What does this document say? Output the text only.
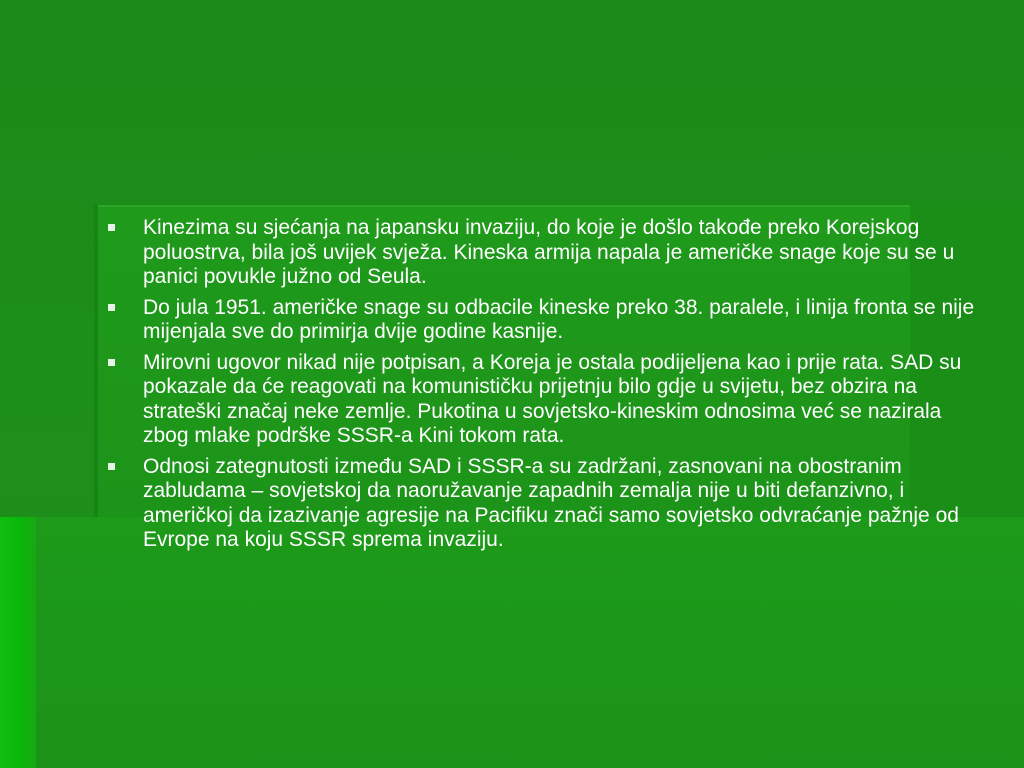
Kinezima su sjećanja na japansku invaziju, do koje je došlo takođe preko Korejskog poluostrva, bila još uvijek svježa. Kineska armija napala je američke snage koje su se u panici povukle južno od Seula.
Do jula 1951. američke snage su odbacile kineske preko 38. paralele, i linija fronta se nije mijenjala sve do primirja dvije godine kasnije.
Mirovni ugovor nikad nije potpisan, a Koreja je ostala podijeljena kao i prije rata. SAD su pokazale da će reagovati na komunističku prijetnju bilo gdje u svijetu, bez obzira na strateški značaj neke zemlje. Pukotina u sovjetsko-kineskim odnosima već se nazirala zbog mlake podrške SSSR-a Kini tokom rata.
Odnosi zategnutosti između SAD i SSSR-a su zadržani, zasnovani na obostranim zabludama – sovjetskoj da naoružavanje zapadnih zemalja nije u biti defanzivno, i američkoj da izazivanje agresije na Pacifiku znači samo sovjetsko odvraćanje pažnje od Evrope na koju SSSR sprema invaziju.
